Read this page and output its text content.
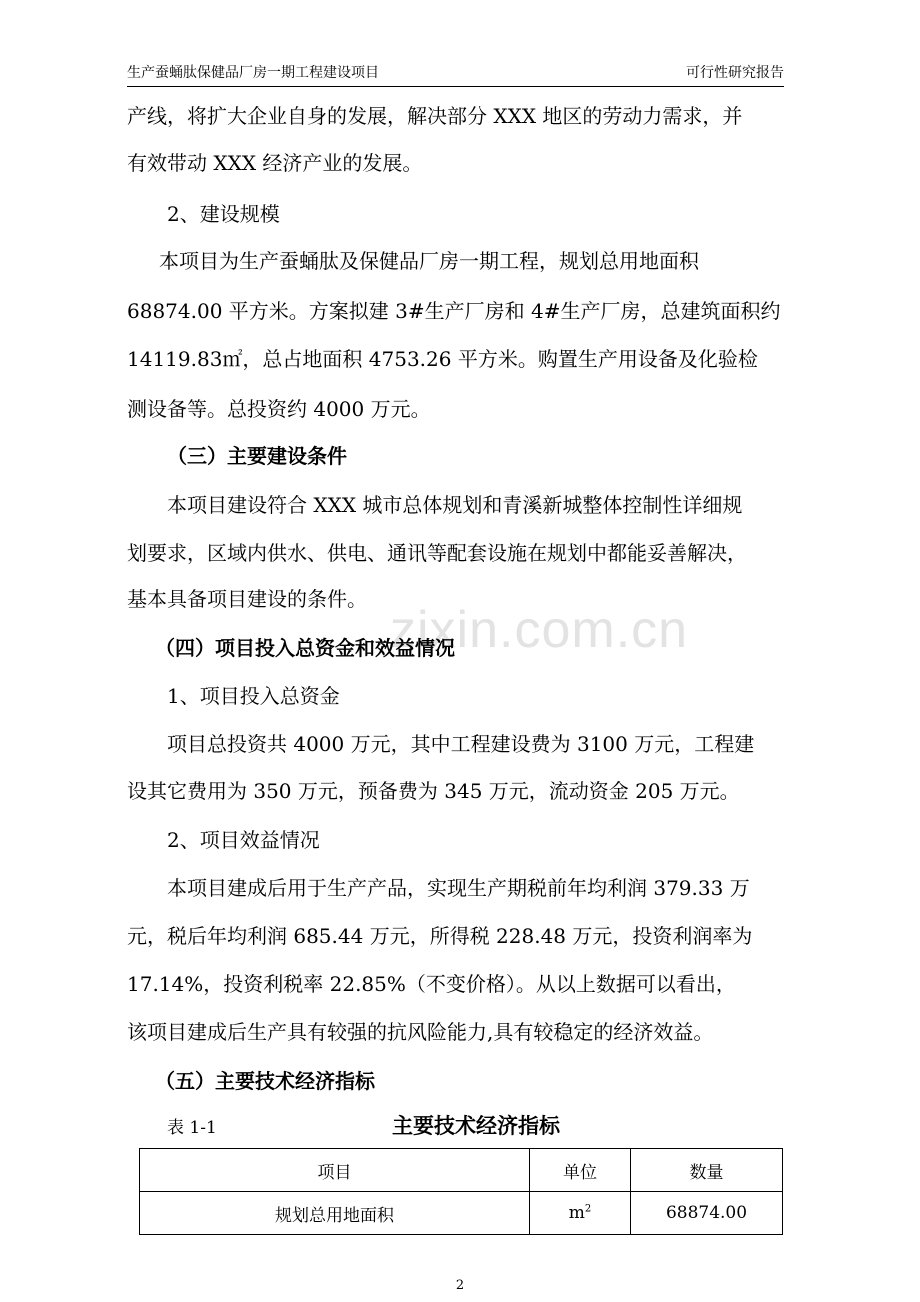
生产蚕蛹肽保健品厂房一期工程建设项目	可行性研究报告
zixin.com.cn
产线，将扩大企业自身的发展，解决部分 XXX 地区的劳动力需求，并
有效带动 XXX 经济产业的发展。
2、建设规模
本项目为生产蚕蛹肽及保健品厂房一期工程，规划总用地面积
68874.00 平方米。方案拟建 3#生产厂房和 4#生产厂房，总建筑面积约
14119.83㎡，总占地面积 4753.26 平方米。购置生产用设备及化验检
测设备等。总投资约 4000 万元。
（三）主要建设条件
本项目建设符合 XXX 城市总体规划和青溪新城整体控制性详细规
划要求，区域内供水、供电、通讯等配套设施在规划中都能妥善解决，
基本具备项目建设的条件。
（四）项目投入总资金和效益情况
1、项目投入总资金
项目总投资共 4000 万元，其中工程建设费为 3100 万元，工程建
设其它费用为 350 万元，预备费为 345 万元，流动资金 205 万元。
2、项目效益情况
本项目建成后用于生产产品，实现生产期税前年均利润 379.33 万
元，税后年均利润 685.44 万元，所得税 228.48 万元，投资利润率为
17.14%，投资利税率 22.85%（不变价格）。从以上数据可以看出，
该项目建成后生产具有较强的抗风险能力,具有较稳定的经济效益。
（五）主要技术经济指标
表 1-1	主要技术经济指标
项目	单位	数量
规划总用地面积	$m^2$	68874.00
2
